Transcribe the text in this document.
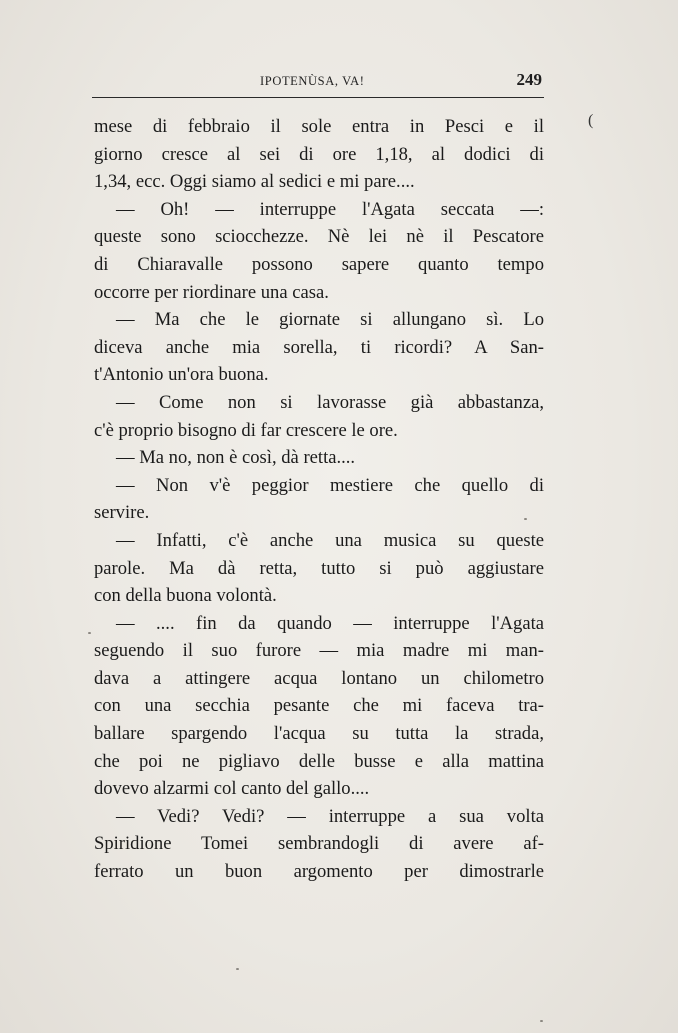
IPOTENÙSA, VA!	249
(
mese di febbraio il sole entra in Pesci e il
giorno cresce al sei di ore 1,18, al dodici di
1,34, ecc. Oggi siamo al sedici e mi pare....
— Oh! — interruppe l'Agata seccata —:
queste sono sciocchezze. Nè lei nè il Pescatore
di Chiaravalle possono sapere quanto tempo
occorre per riordinare una casa.
— Ma che le giornate si allungano sì. Lo
diceva anche mia sorella, ti ricordi? A San-
t'Antonio un'ora buona.
— Come non si lavorasse già abbastanza,
c'è proprio bisogno di far crescere le ore.
— Ma no, non è così, dà retta....
— Non v'è peggior mestiere che quello di
servire.
— Infatti, c'è anche una musica su queste
parole. Ma dà retta, tutto si può aggiustare
con della buona volontà.
— .... fin da quando — interruppe l'Agata
seguendo il suo furore — mia madre mi man-
dava a attingere acqua lontano un chilometro
con una secchia pesante che mi faceva tra-
ballare spargendo l'acqua su tutta la strada,
che poi ne pigliavo delle busse e alla mattina
dovevo alzarmi col canto del gallo....
— Vedi? Vedi? — interruppe a sua volta
Spiridione Tomei sembrandogli di avere af-
ferrato un buon argomento per dimostrarle
